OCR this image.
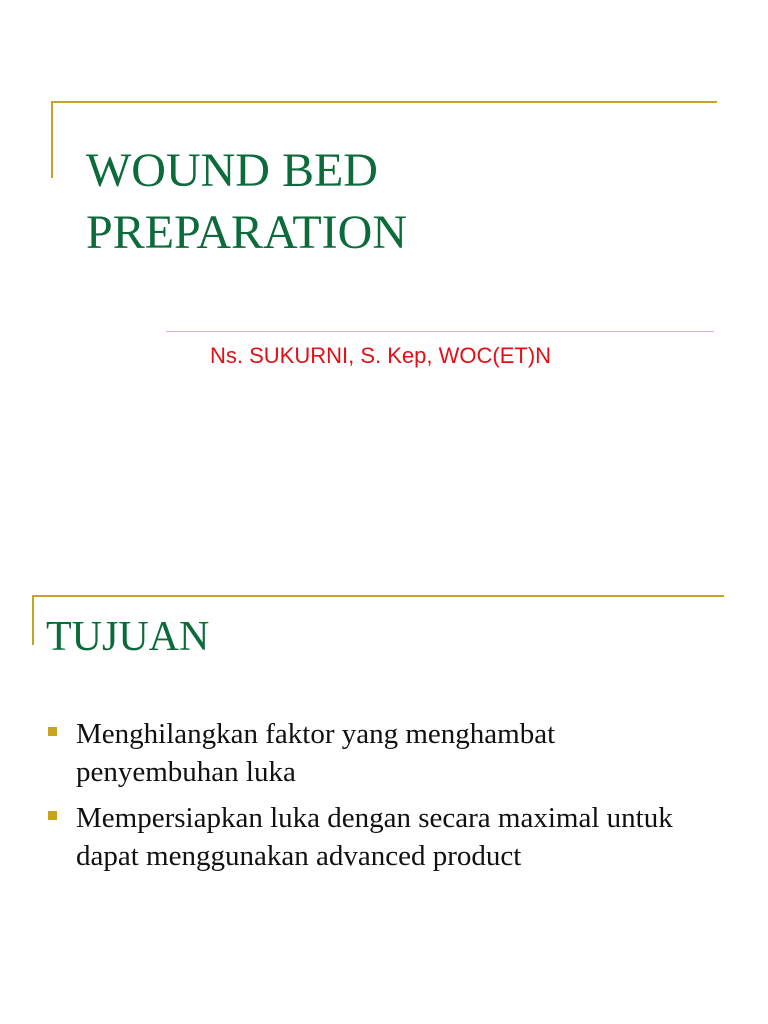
WOUND BED
PREPARATION

Ns. SUKURNI, S. Kep, WOC(ET)N

TUJUAN
Menghilangkan faktor yang menghambat penyembuhan luka
Mempersiapkan luka dengan secara maximal untuk dapat menggunakan advanced product
